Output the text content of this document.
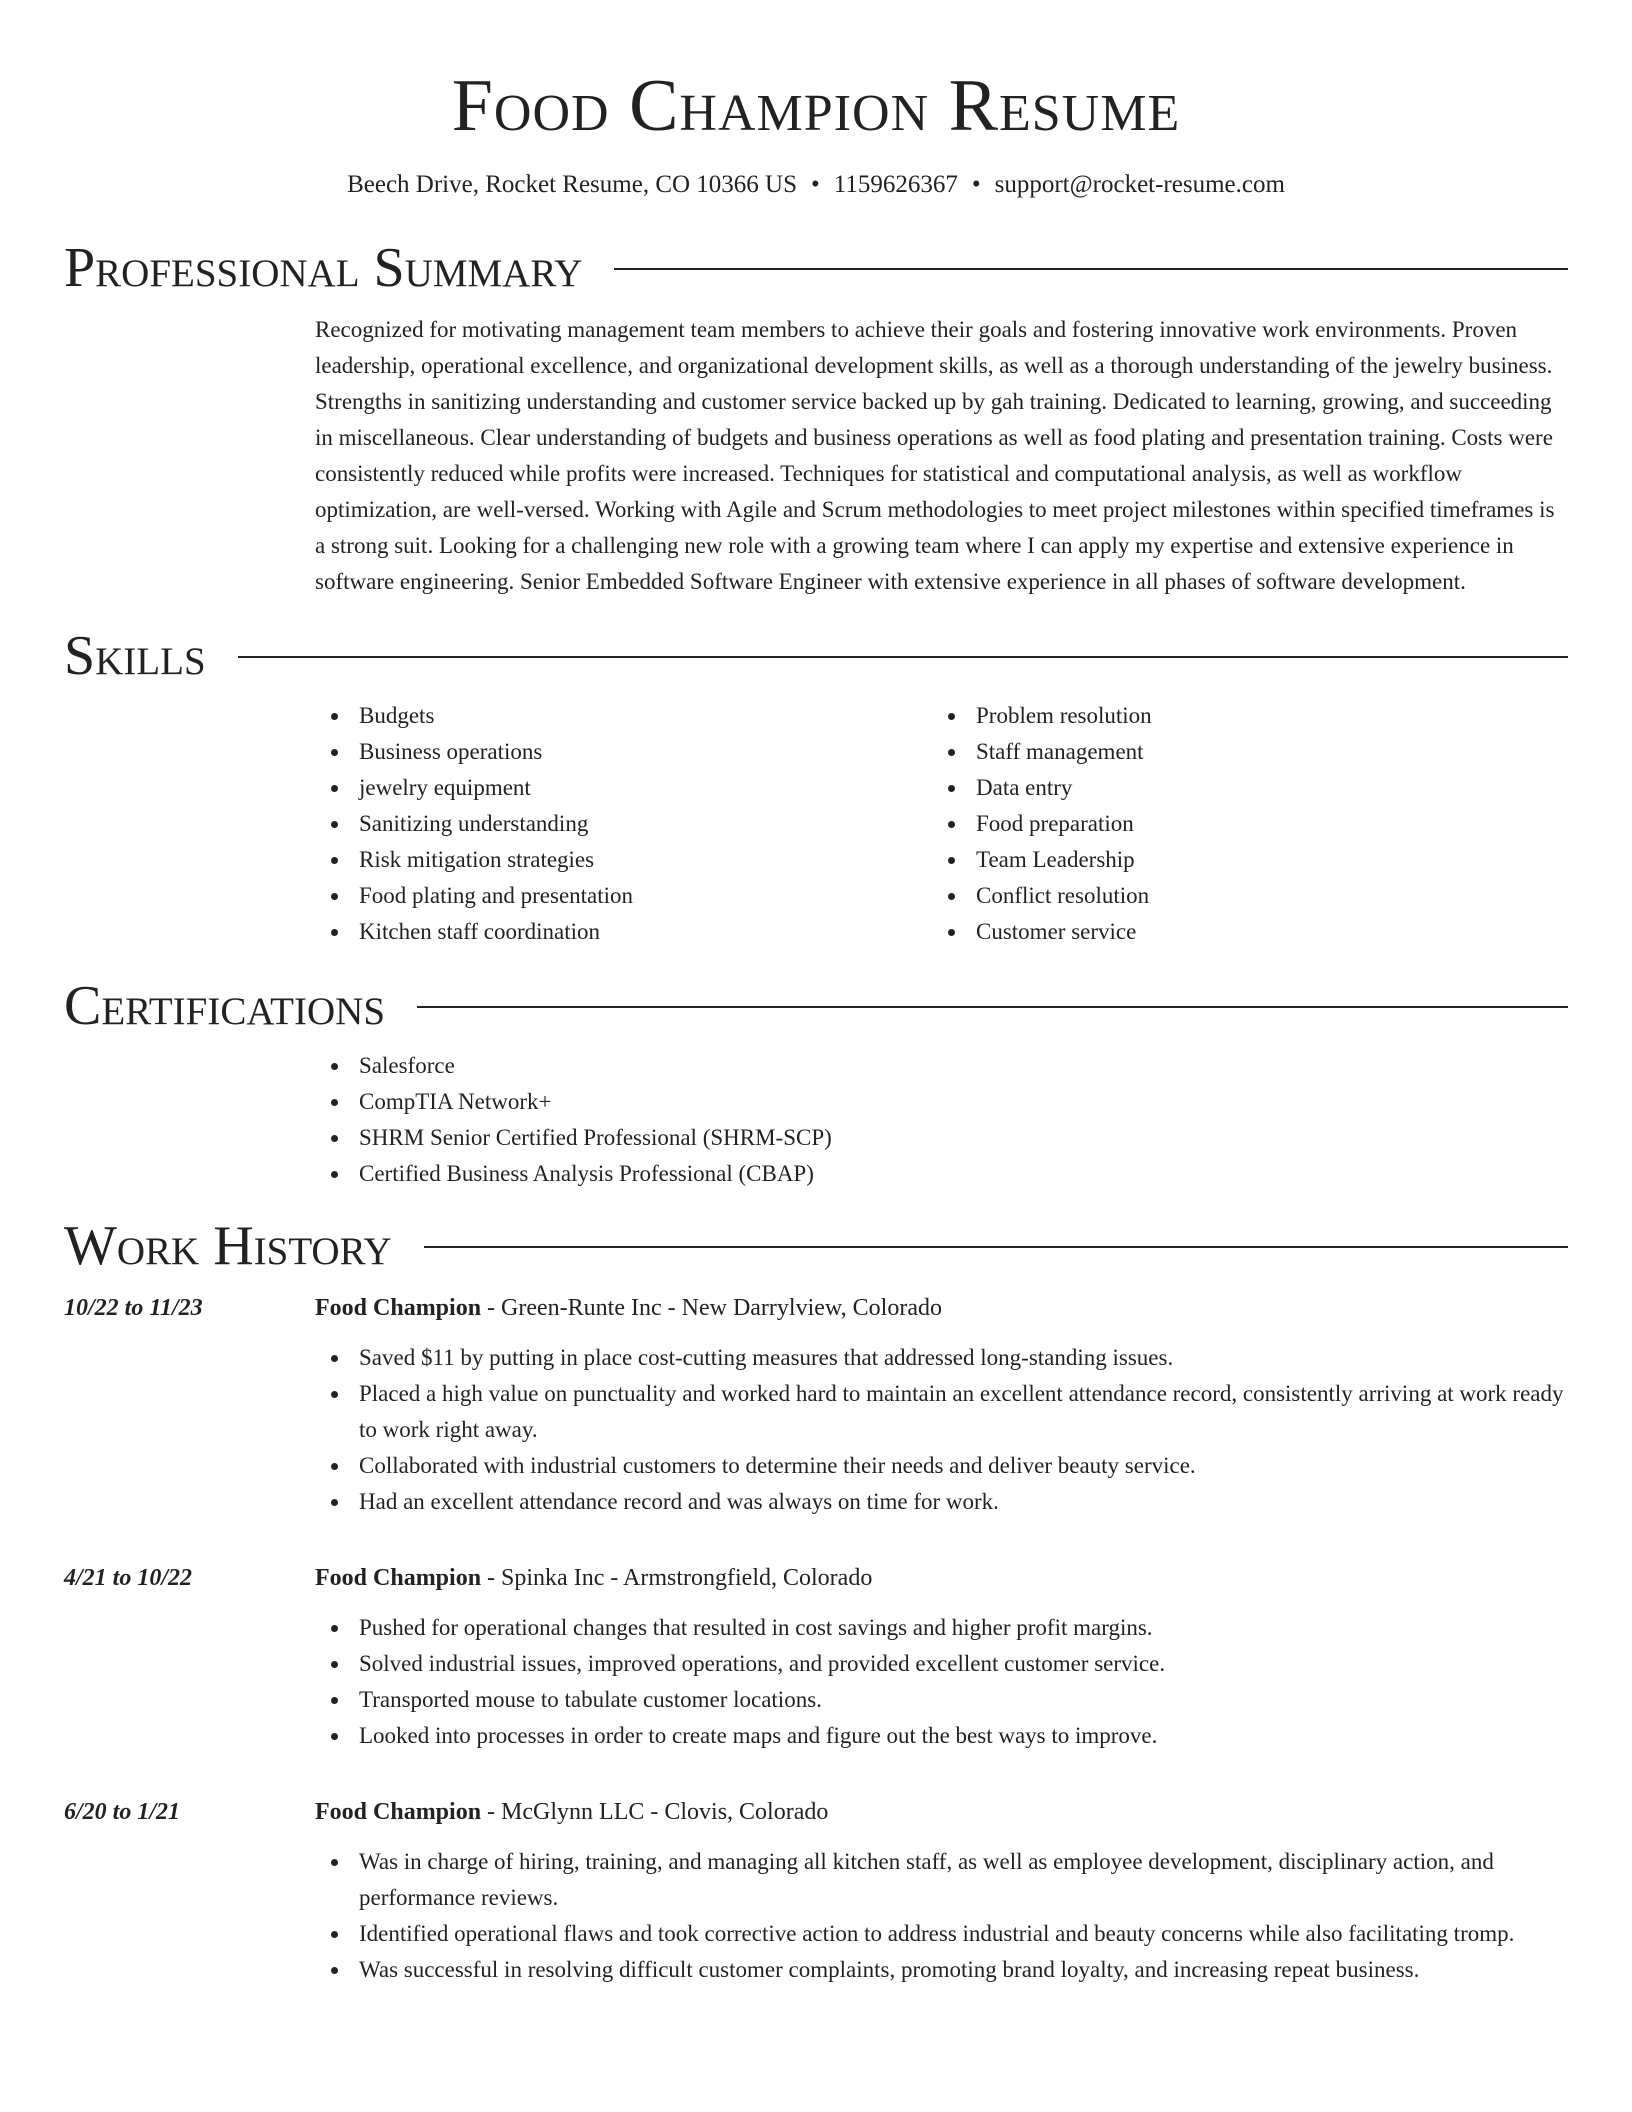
Food Champion Resume
Beech Drive, Rocket Resume, CO 10366 US • 1159626367 • support@rocket-resume.com
Professional Summary

Recognized for motivating management team members to achieve their goals and fostering innovative work environments. Proven leadership, operational excellence, and organizational development skills, as well as a thorough understanding of the jewelry business. Strengths in sanitizing understanding and customer service backed up by gah training. Dedicated to learning, growing, and succeeding in miscellaneous. Clear understanding of budgets and business operations as well as food plating and presentation training. Costs were consistently reduced while profits were increased. Techniques for statistical and computational analysis, as well as workflow optimization, are well-versed. Working with Agile and Scrum methodologies to meet project milestones within specified timeframes is a strong suit. Looking for a challenging new role with a growing team where I can apply my expertise and extensive experience in software engineering. Senior Embedded Software Engineer with extensive experience in all phases of software development.

Skills
Budgets
Business operations
jewelry equipment
Sanitizing understanding
Risk mitigation strategies
Food plating and presentation
Kitchen staff coordination
Problem resolution
Staff management
Data entry
Food preparation
Team Leadership
Conflict resolution
Customer service
Certifications
Salesforce
CompTIA Network+
SHRM Senior Certified Professional (SHRM-SCP)
Certified Business Analysis Professional (CBAP)
Work History
10/22 to 11/23	Food Champion - Green-Runte Inc - New Darrylview, Colorado
Saved $11 by putting in place cost-cutting measures that addressed long-standing issues.
Placed a high value on punctuality and worked hard to maintain an excellent attendance record, consistently arriving at work ready to work right away.
Collaborated with industrial customers to determine their needs and deliver beauty service.
Had an excellent attendance record and was always on time for work.
4/21 to 10/22	Food Champion - Spinka Inc - Armstrongfield, Colorado
Pushed for operational changes that resulted in cost savings and higher profit margins.
Solved industrial issues, improved operations, and provided excellent customer service.
Transported mouse to tabulate customer locations.
Looked into processes in order to create maps and figure out the best ways to improve.
6/20 to 1/21	Food Champion - McGlynn LLC - Clovis, Colorado
Was in charge of hiring, training, and managing all kitchen staff, as well as employee development, disciplinary action, and performance reviews.
Identified operational flaws and took corrective action to address industrial and beauty concerns while also facilitating tromp.
Was successful in resolving difficult customer complaints, promoting brand loyalty, and increasing repeat business.
